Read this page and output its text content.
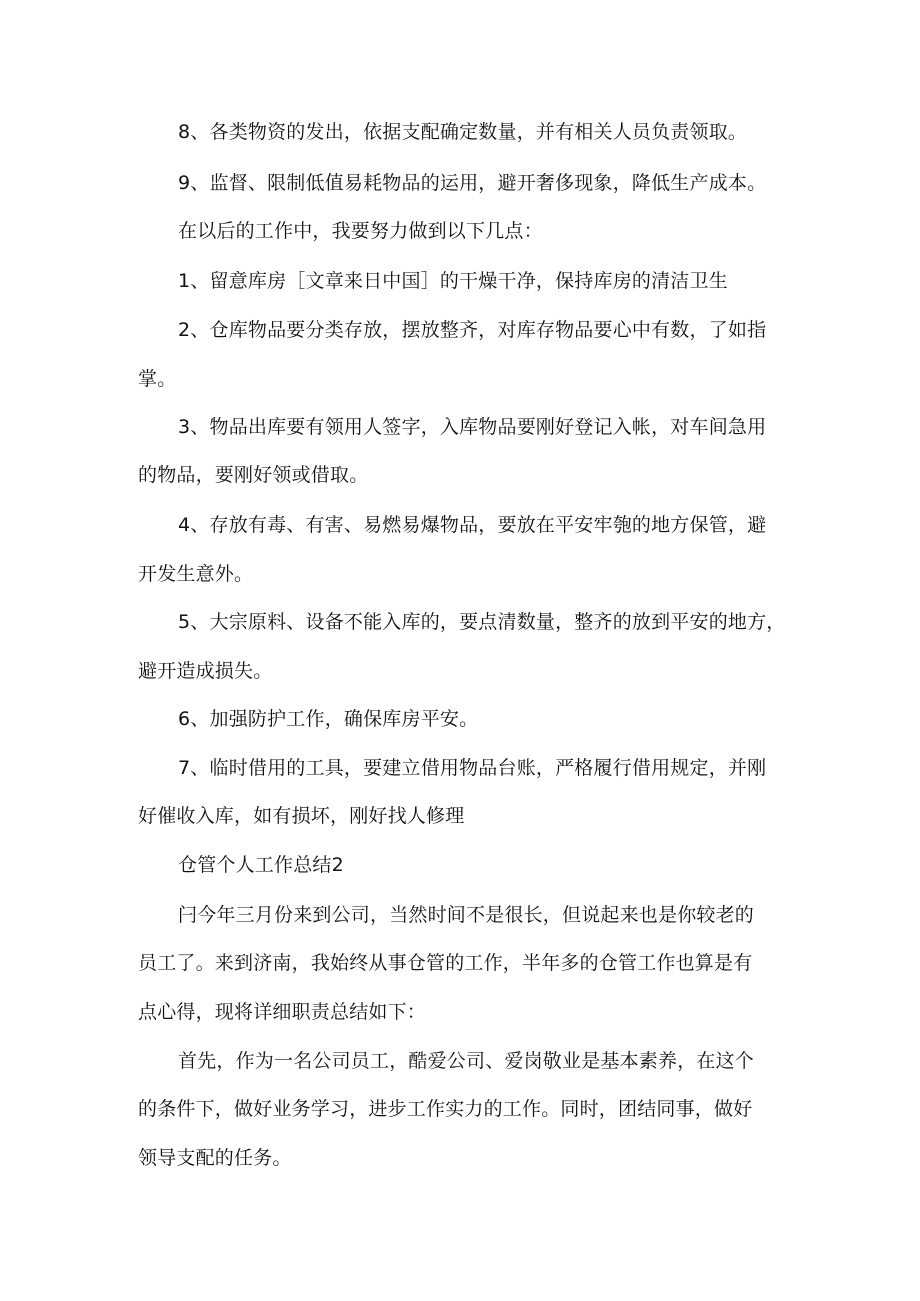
8、各类物资的发出，依据支配确定数量，并有相关人员负责领取。
9、监督、限制低值易耗物品的运用，避开奢侈现象，降低生产成本。
在以后的工作中，我要努力做到以下几点：
1、留意库房［文章来日中国］的干燥干净，保持库房的清洁卫生
2、仓库物品要分类存放，摆放整齐，对库存物品要心中有数，了如指
掌。
3、物品出库要有领用人签字，入库物品要刚好登记入帐，对车间急用
的物品，要刚好领或借取。
4、存放有毒、有害、易燃易爆物品，要放在平安牢匏的地方保管，避
开发生意外。
5、大宗原料、设备不能入库的，要点清数量，整齐的放到平安的地方，
避开造成损失。
6、加强防护工作，确保库房平安。
7、临时借用的工具，要建立借用物品台账，严格履行借用规定，并刚
好催收入库，如有损坏，刚好找人修理
仓管个人工作总结2
闩今年三月份来到公司，当然时间不是很长，但说起来也是你较老的
员工了。来到济南，我始终从事仓管的工作，半年多的仓管工作也算是有
点心得，现将详细职责总结如下：
首先，作为一名公司员工，酷爱公司、爱岗敬业是基本素养，在这个
的条件下，做好业务学习，进步工作实力的工作。同时，团结同事，做好
领导支配的任务。
